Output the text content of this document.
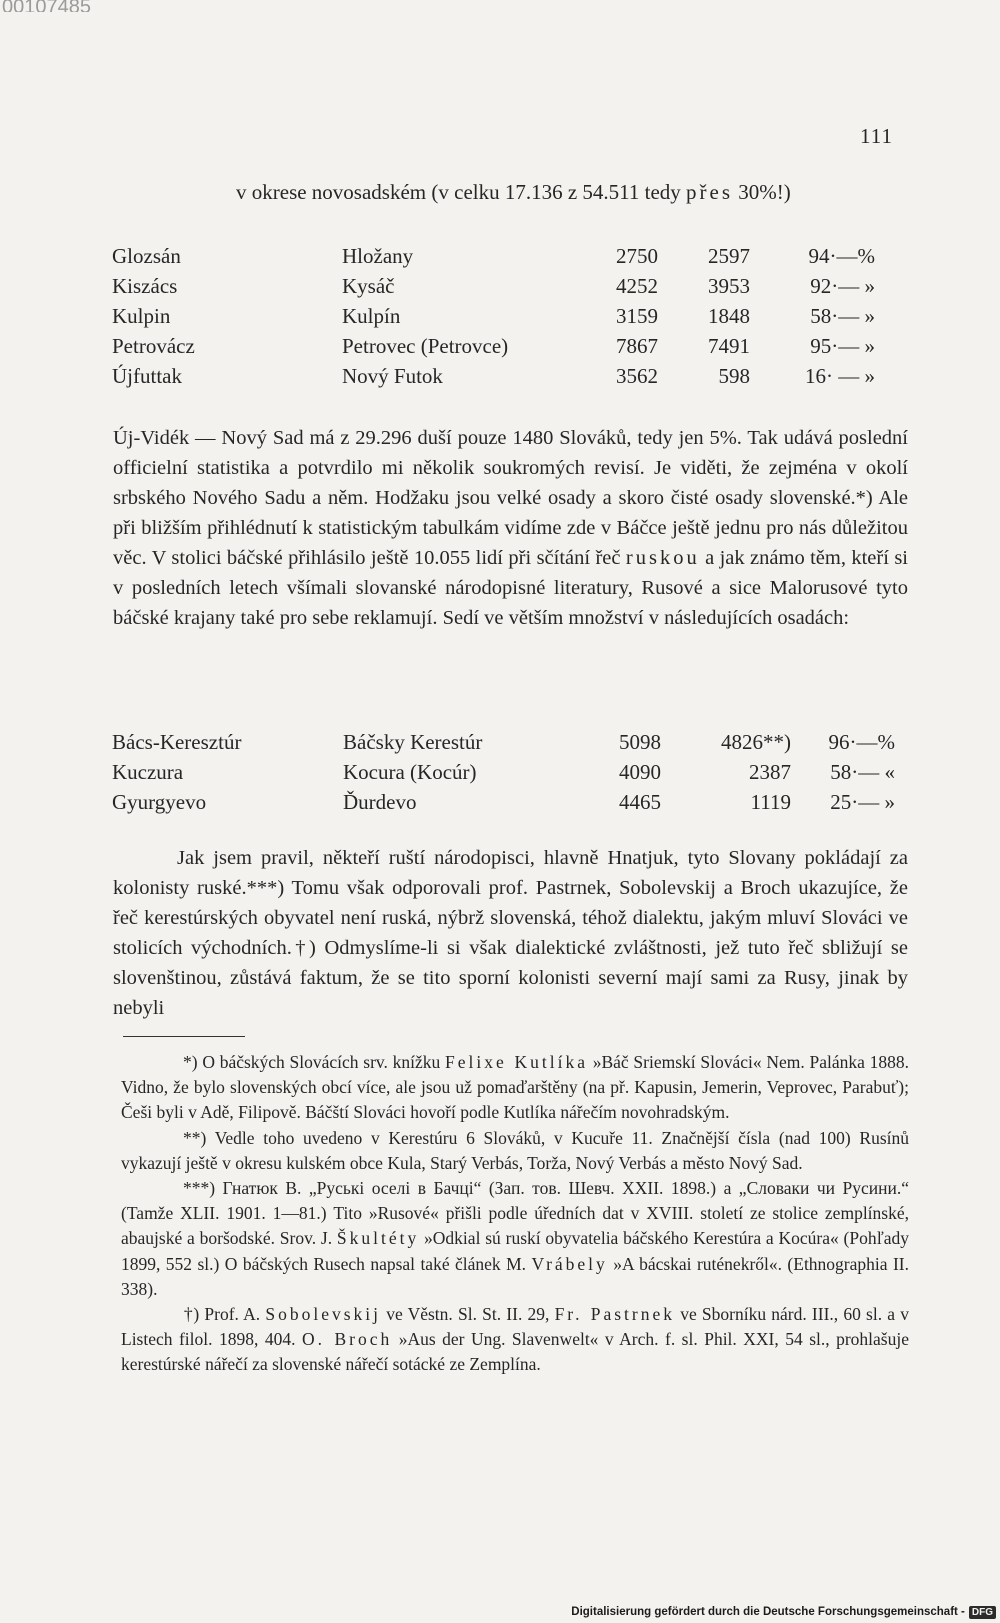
00107485
111
v okrese novosadském (v celku 17.136 z 54.511 tedy přes 30%!)
Glozsán	Hložany	2750	2597	94·—%
Kiszács	Kysáč	4252	3953	92·— »
Kulpin	Kulpín	3159	1848	58·— »
Petrovácz	Petrovec (Petrovce)	7867	7491	95·— »
Újfuttak	Nový Futok	3562	598	16· — »
Új-Vidék — Nový Sad má z 29.296 duší pouze 1480 Slováků, tedy jen 5%. Tak udává poslední officielní statistika a potvrdilo mi několik soukromých revisí. Je viděti, že zejména v okolí srbského Nového Sadu a něm. Hodžaku jsou velké osady a skoro čisté osady slovenské.*) Ale při bližším přihlédnutí k statistickým tabulkám vidíme zde v Báčce ještě jednu pro nás důležitou věc. V stolici báčské přihlásilo ještě 10.055 lidí při sčítání řeč ruskou a jak známo těm, kteří si v posledních letech všímali slovanské národopisné literatury, Rusové a sice Malorusové tyto báčské krajany také pro sebe reklamují. Sedí ve větším množství v následujících osadách:
Bács-Keresztúr	Báčsky Kerestúr	5098	4826**)	96·—%
Kuczura	Kocura (Kocúr)	4090	2387	58·— «
Gyurgyevo	Ďurdevo	4465	1119	25·— »
Jak jsem pravil, někteří ruští národopisci, hlavně Hnatjuk, tyto Slovany pokládají za kolonisty ruské.***) Tomu však odporovali prof. Pastrnek, Sobolevskij a Broch ukazujíce, že řeč kerestúrských obyvatel není ruská, nýbrž slovenská, téhož dialektu, jakým mluví Slováci ve stolicích východních.†) Odmyslíme-li si však dialektické zvláštnosti, jež tuto řeč sbližují se slovenštinou, zůstává faktum, že se tito sporní kolonisti severní mají sami za Rusy, jinak by nebyli

*) O báčských Slovácích srv. knížku Felixe Kutlíka »Báč Sriemskí Slováci« Nem. Palánka 1888. Vidno, že bylo slovenských obcí více, ale jsou už pomaďarštěny (na př. Kapusin, Jemerin, Veprovec, Parabuť); Češi byli v Adě, Filipově. Báčští Slováci hovoří podle Kutlíka nářečím novohradským.

**) Vedle toho uvedeno v Kerestúru 6 Slováků, v Kucuře 11. Značnější čísla (nad 100) Rusínů vykazují ještě v okresu kulském obce Kula, Starý Verbás, Torža, Nový Verbás a město Nový Sad.

***) Гнатюк В. „Руські оселі в Бачці“ (Зап. тов. Шевч. XXII. 1898.) a „Словаки чи Русини.“ (Tamže XLII. 1901. 1—81.) Tito »Rusové« přišli podle úředních dat v XVIII. století ze stolice zemplínské, abaujské a boršodské. Srov. J. Škultéty »Odkial sú ruskí obyvatelia báčského Kerestúra a Kocúra« (Pohľady 1899, 552 sl.) O báčských Rusech napsal také článek M. Vrábely »A bácskai ruténekről«. (Ethnographia II. 338).

†) Prof. A. Sobolevskij ve Věstn. Sl. St. II. 29, Fr. Pastrnek ve Sborníku nárd. III., 60 sl. a v Listech filol. 1898, 404. O. Broch »Aus der Ung. Slavenwelt« v Arch. f. sl. Phil. XXI, 54 sl., prohlašuje kerestúrské nářečí za slovenské nářečí sotácké ze Zemplína.

Digitalisierung gefördert durch die Deutsche Forschungsgemeinschaft - DFG
